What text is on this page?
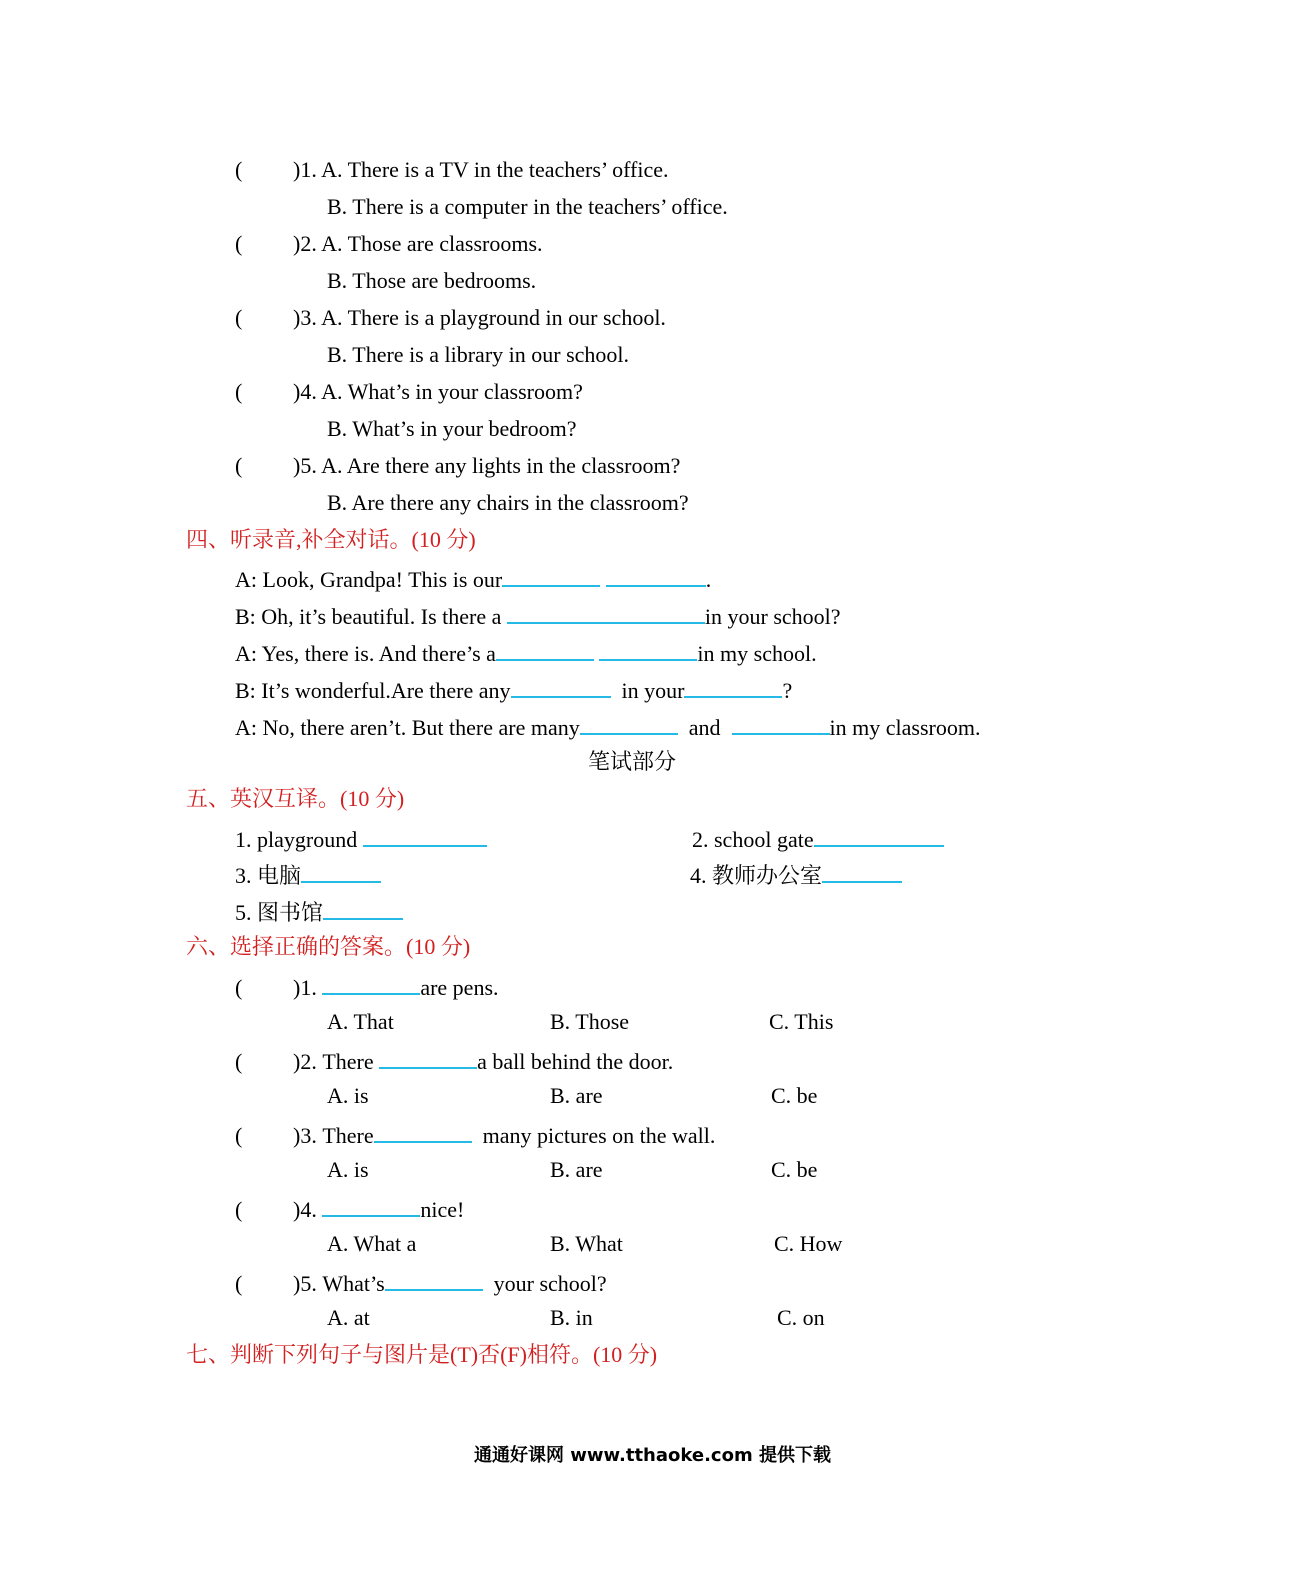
( )1. A. There is a TV in the teachers’ office.
B. There is a computer in the teachers’ office.
( )2. A. Those are classrooms.
B. Those are bedrooms.
( )3. A. There is a playground in our school.
B. There is a library in our school.
( )4. A. What’s in your classroom?
B. What’s in your bedroom?
( )5. A. Are there any lights in the classroom?
B. Are there any chairs in the classroom?
四、听录音,补全对话。(10 分)
A: Look, Grandpa! This is our	.
B: Oh, it’s beautiful. Is there a	in your school?
A: Yes, there is. And there’s a	in my school.
B: It’s wonderful.Are there any	in your	?
A: No, there aren’t. But there are many	and	in my classroom.
笔试部分
五、英汉互译。(10 分)
1. playground	2. school gate
3. 电脑	4. 教师办公室
5. 图书馆
六、选择正确的答案。(10 分)
( )1.	are pens.
A. That	B. Those	C. This
( )2. There	a ball behind the door.
A. is	B. are	C. be
( )3. There	many pictures on the wall.
A. is	B. are	C. be
( )4.	nice!
A. What a	B. What	C. How
( )5. What’s	your school?
A. at	B. in	C. on
七、判断下列句子与图片是(T)否(F)相符。(10 分)
通通好课网 www.tthaoke.com 提供下载
